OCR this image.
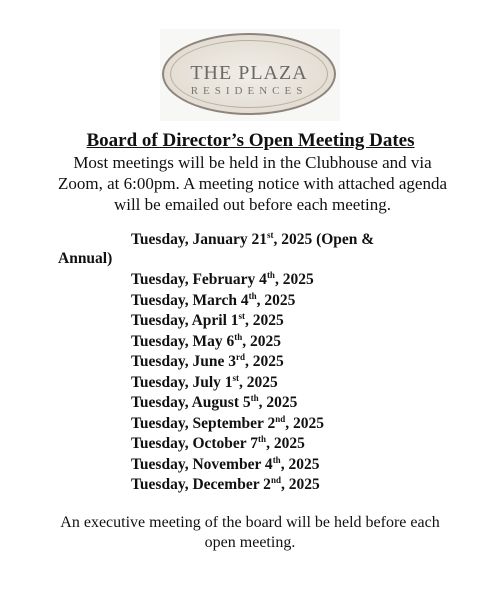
THE PLAZA
RESIDENCES
Board of Director’s Open Meeting Dates
Most meetings will be held in the Clubhouse and via Zoom, at 6:00pm. A meeting notice with attached agenda will be emailed out before each meeting.
Tuesday, January 21st, 2025 (Open &
Annual)
Tuesday, February 4th, 2025
Tuesday, March 4th, 2025
Tuesday, April 1st, 2025
Tuesday, May 6th, 2025
Tuesday, June 3rd, 2025
Tuesday, July 1st, 2025
Tuesday, August 5th, 2025
Tuesday, September 2nd, 2025
Tuesday, October 7th, 2025
Tuesday, November 4th, 2025
Tuesday, December 2nd, 2025
An executive meeting of the board will be held before each open meeting.
